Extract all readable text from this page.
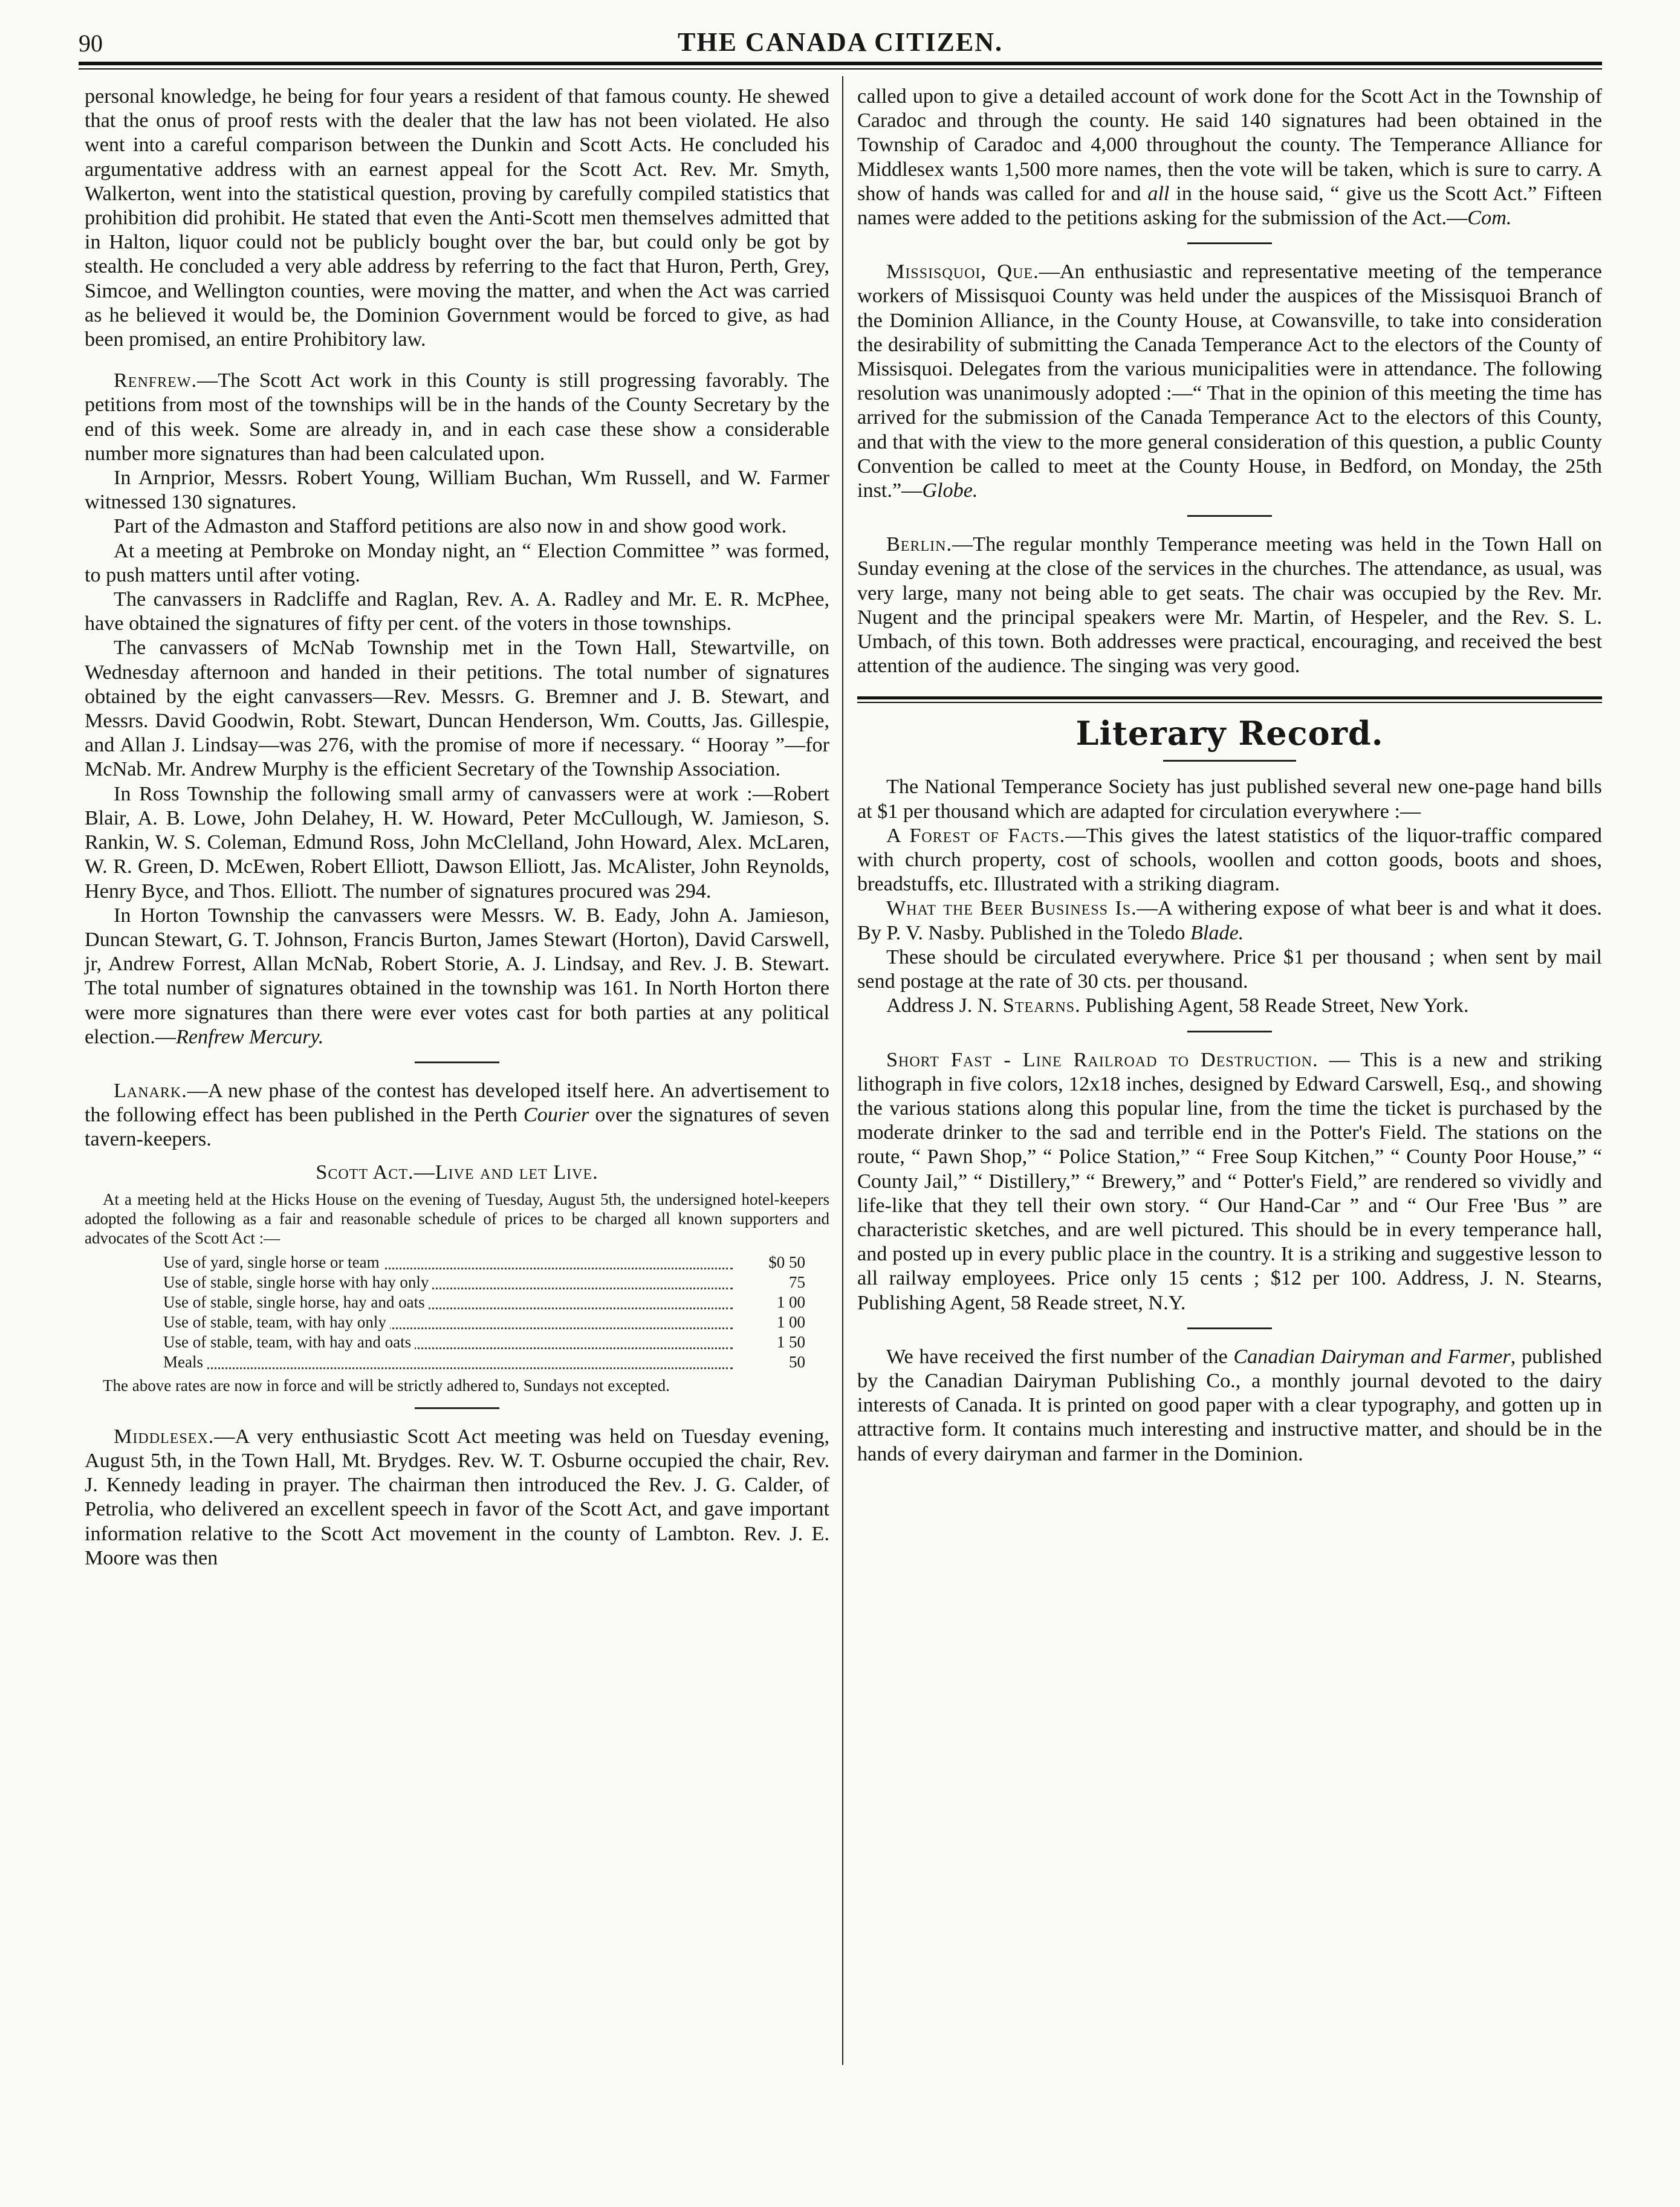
90	THE CANADA CITIZEN.

personal knowledge, he being for four years a resident of that famous county. He shewed that the onus of proof rests with the dealer that the law has not been violated. He also went into a careful comparison between the Dunkin and Scott Acts. He concluded his argumentative address with an earnest appeal for the Scott Act. Rev. Mr. Smyth, Walkerton, went into the statistical question, proving by carefully compiled statistics that prohibition did prohibit. He stated that even the Anti-Scott men themselves admitted that in Halton, liquor could not be publicly bought over the bar, but could only be got by stealth. He concluded a very able address by referring to the fact that Huron, Perth, Grey, Simcoe, and Wellington counties, were moving the matter, and when the Act was carried as he believed it would be, the Dominion Government would be forced to give, as had been promised, an entire Prohibitory law.

Renfrew.—The Scott Act work in this County is still progressing favorably. The petitions from most of the townships will be in the hands of the County Secretary by the end of this week. Some are already in, and in each case these show a considerable number more signatures than had been calculated upon.

In Arnprior, Messrs. Robert Young, William Buchan, Wm Russell, and W. Farmer witnessed 130 signatures.

Part of the Admaston and Stafford petitions are also now in and show good work.

At a meeting at Pembroke on Monday night, an “ Election Committee ” was formed, to push matters until after voting.

The canvassers in Radcliffe and Raglan, Rev. A. A. Radley and Mr. E. R. McPhee, have obtained the signatures of fifty per cent. of the voters in those townships.

The canvassers of McNab Township met in the Town Hall, Stewartville, on Wednesday afternoon and handed in their petitions. The total number of signatures obtained by the eight canvassers—Rev. Messrs. G. Bremner and J. B. Stewart, and Messrs. David Goodwin, Robt. Stewart, Duncan Henderson, Wm. Coutts, Jas. Gillespie, and Allan J. Lindsay—was 276, with the promise of more if necessary. “ Hooray ”—for McNab. Mr. Andrew Murphy is the efficient Secretary of the Township Association.

In Ross Township the following small army of canvassers were at work :—Robert Blair, A. B. Lowe, John Delahey, H. W. Howard, Peter McCullough, W. Jamieson, S. Rankin, W. S. Coleman, Edmund Ross, John McClelland, John Howard, Alex. McLaren, W. R. Green, D. McEwen, Robert Elliott, Dawson Elliott, Jas. McAlister, John Reynolds, Henry Byce, and Thos. Elliott. The number of signatures procured was 294.

In Horton Township the canvassers were Messrs. W. B. Eady, John A. Jamieson, Duncan Stewart, G. T. Johnson, Francis Burton, James Stewart (Horton), David Carswell, jr, Andrew Forrest, Allan McNab, Robert Storie, A. J. Lindsay, and Rev. J. B. Stewart. The total number of signatures obtained in the township was 161. In North Horton there were more signatures than there were ever votes cast for both parties at any political election.—Renfrew Mercury.

Lanark.—A new phase of the contest has developed itself here. An advertisement to the following effect has been published in the Perth Courier over the signatures of seven tavern-keepers.

Scott Act.—Live and let Live.

At a meeting held at the Hicks House on the evening of Tuesday, August 5th, the undersigned hotel-keepers adopted the following as a fair and reasonable schedule of prices to be charged all known supporters and advocates of the Scott Act :—

Use of yard, single horse or team	$0 50
Use of stable, single horse with hay only	75
Use of stable, single horse, hay and oats	1 00
Use of stable, team, with hay only	1 00
Use of stable, team, with hay and oats	1 50
Meals	50

The above rates are now in force and will be strictly adhered to, Sundays not excepted.

Middlesex.—A very enthusiastic Scott Act meeting was held on Tuesday evening, August 5th, in the Town Hall, Mt. Brydges. Rev. W. T. Osburne occupied the chair, Rev. J. Kennedy leading in prayer. The chairman then introduced the Rev. J. G. Calder, of Petrolia, who delivered an excellent speech in favor of the Scott Act, and gave important information relative to the Scott Act movement in the county of Lambton. Rev. J. E. Moore was then

called upon to give a detailed account of work done for the Scott Act in the Township of Caradoc and through the county. He said 140 signatures had been obtained in the Township of Caradoc and 4,000 throughout the county. The Temperance Alliance for Middlesex wants 1,500 more names, then the vote will be taken, which is sure to carry. A show of hands was called for and all in the house said, “ give us the Scott Act.” Fifteen names were added to the petitions asking for the submission of the Act.—Com.

Missisquoi, Que.—An enthusiastic and representative meeting of the temperance workers of Missisquoi County was held under the auspices of the Missisquoi Branch of the Dominion Alliance, in the County House, at Cowansville, to take into consideration the desirability of submitting the Canada Temperance Act to the electors of the County of Missisquoi. Delegates from the various municipalities were in attendance. The following resolution was unanimously adopted :—“ That in the opinion of this meeting the time has arrived for the submission of the Canada Temperance Act to the electors of this County, and that with the view to the more general consideration of this question, a public County Convention be called to meet at the County House, in Bedford, on Monday, the 25th inst.”—Globe.

Berlin.—The regular monthly Temperance meeting was held in the Town Hall on Sunday evening at the close of the services in the churches. The attendance, as usual, was very large, many not being able to get seats. The chair was occupied by the Rev. Mr. Nugent and the principal speakers were Mr. Martin, of Hespeler, and the Rev. S. L. Umbach, of this town. Both addresses were practical, encouraging, and received the best attention of the audience. The singing was very good.

Literary Record.

The National Temperance Society has just published several new one-page hand bills at $1 per thousand which are adapted for circulation everywhere :—

A Forest of Facts.—This gives the latest statistics of the liquor-traffic compared with church property, cost of schools, woollen and cotton goods, boots and shoes, breadstuffs, etc. Illustrated with a striking diagram.

What the Beer Business Is.—A withering expose of what beer is and what it does. By P. V. Nasby. Published in the Toledo Blade.

These should be circulated everywhere. Price $1 per thousand ; when sent by mail send postage at the rate of 30 cts. per thousand.

Address J. N. Stearns. Publishing Agent, 58 Reade Street, New York.

Short Fast - Line Railroad to Destruction. — This is a new and striking lithograph in five colors, 12x18 inches, designed by Edward Carswell, Esq., and showing the various stations along this popular line, from the time the ticket is purchased by the moderate drinker to the sad and terrible end in the Potter's Field. The stations on the route, “ Pawn Shop,” “ Police Station,” “ Free Soup Kitchen,” “ County Poor House,” “ County Jail,” “ Distillery,” “ Brewery,” and “ Potter's Field,” are rendered so vividly and life-like that they tell their own story. “ Our Hand-Car ” and “ Our Free 'Bus ” are characteristic sketches, and are well pictured. This should be in every temperance hall, and posted up in every public place in the country. It is a striking and suggestive lesson to all railway employees. Price only 15 cents ; $12 per 100. Address, J. N. Stearns, Publishing Agent, 58 Reade street, N.Y.

We have received the first number of the Canadian Dairyman and Farmer, published by the Canadian Dairyman Publishing Co., a monthly journal devoted to the dairy interests of Canada. It is printed on good paper with a clear typography, and gotten up in attractive form. It contains much interesting and instructive matter, and should be in the hands of every dairyman and farmer in the Dominion.
